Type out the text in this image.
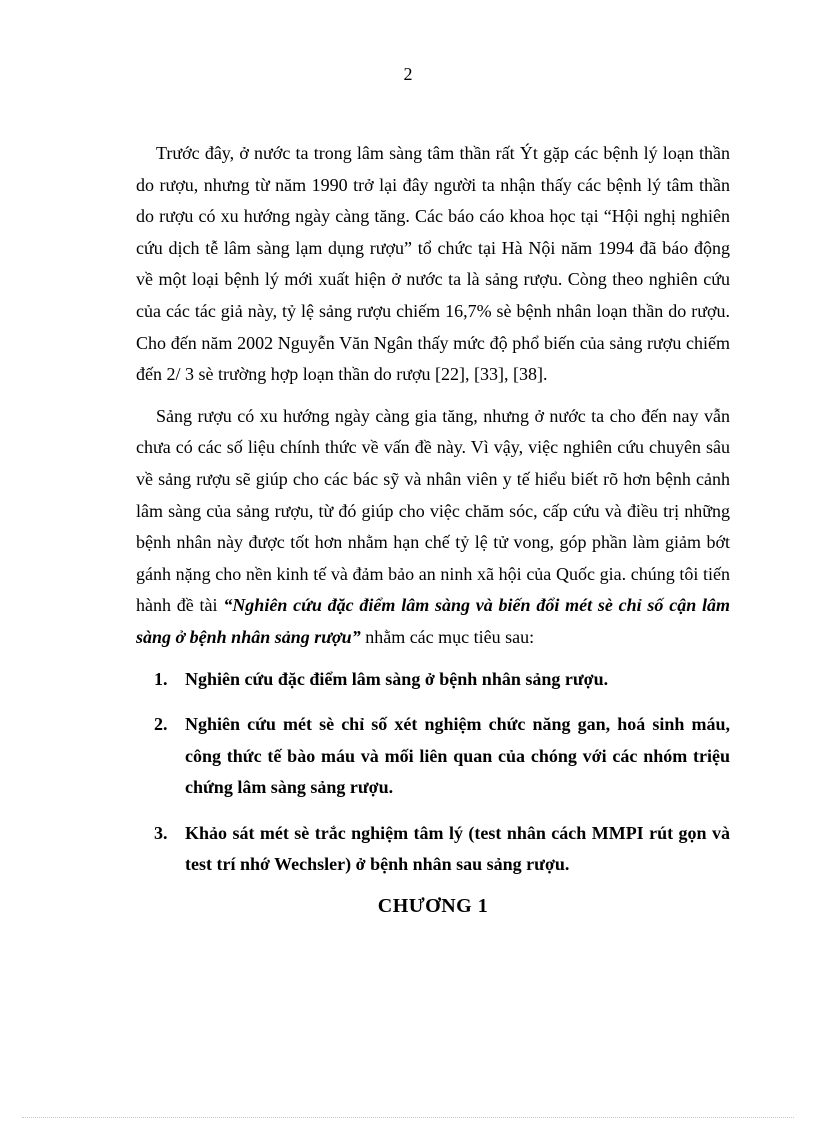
2

Trước đây, ở nước ta trong lâm sàng tâm thần rất Ýt gặp các bệnh lý loạn thần do rượu, nhưng từ năm 1990 trở lại đây người ta nhận thấy các bệnh lý tâm thần do rượu có xu hướng ngày càng tăng. Các báo cáo khoa học tại “Hội nghị nghiên cứu dịch tễ lâm sàng lạm dụng rượu” tổ chức tại Hà Nội năm 1994 đã báo động về một loại bệnh lý mới xuất hiện ở nước ta là sảng rượu. Còng theo nghiên cứu của các tác giả này, tỷ lệ sảng rượu chiếm 16,7% sè bệnh nhân loạn thần do rượu. Cho đến năm 2002 Nguyễn Văn Ngân thấy mức độ phổ biến của sảng rượu chiếm đến 2/ 3 sè trường hợp loạn thần do rượu [22], [33], [38].

Sảng rượu có xu hướng ngày càng gia tăng, nhưng ở nước ta cho đến nay vẫn chưa có các số liệu chính thức về vấn đề này. Vì vậy, việc nghiên cứu chuyên sâu về sảng rượu sẽ giúp cho các bác sỹ và nhân viên y tế hiểu biết rõ hơn bệnh cảnh lâm sàng của sảng rượu, từ đó giúp cho việc chăm sóc, cấp cứu và điều trị những bệnh nhân này được tốt hơn nhằm hạn chế tỷ lệ tử vong, góp phần làm giảm bớt gánh nặng cho nền kinh tế và đảm bảo an ninh xã hội của Quốc gia. chúng tôi tiến hành đề tài “Nghiên cứu đặc điểm lâm sàng và biến đổi mét sè chỉ số cận lâm sàng ở bệnh nhân sảng rượu” nhằm các mục tiêu sau:

1. Nghiên cứu đặc điểm lâm sàng ở bệnh nhân sảng rượu.
2. Nghiên cứu mét sè chỉ số xét nghiệm chức năng gan, hoá sinh máu, công thức tế bào máu và mối liên quan của chóng với các nhóm triệu chứng lâm sàng sảng rượu.
3. Khảo sát mét sè trắc nghiệm tâm lý (test nhân cách MMPI rút gọn và test trí nhớ Wechsler) ở bệnh nhân sau sảng rượu.
CHƯƠNG 1
